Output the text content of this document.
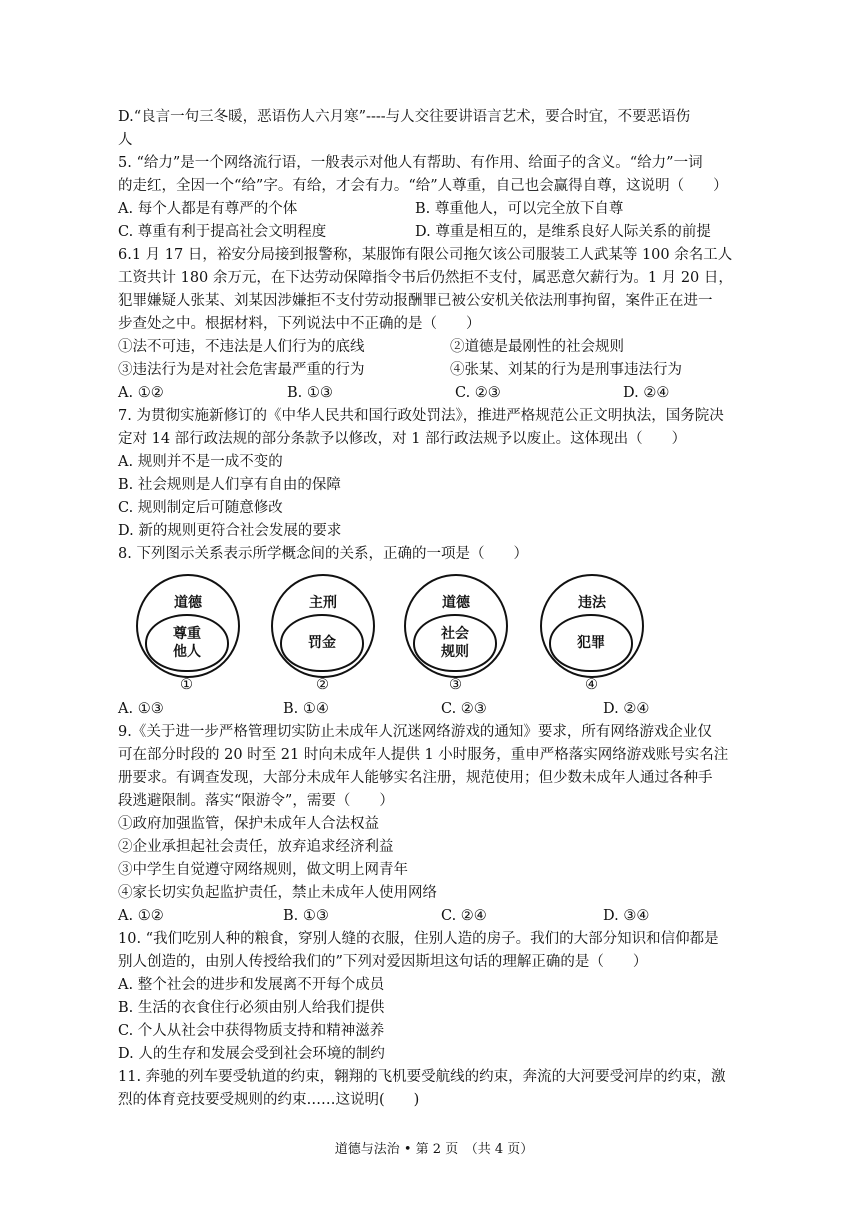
D.“良言一句三冬暖，恶语伤人六月寒”----与人交往要讲语言艺术，要合时宜，不要恶语伤
人
5. “给力”是一个网络流行语，一般表示对他人有帮助、有作用、给面子的含义。“给力”一词
的走红，全因一个“给”字。有给，才会有力。“给”人尊重，自己也会赢得自尊，这说明（　　）
A. 每个人都是有尊严的个体	B. 尊重他人，可以完全放下自尊
C. 尊重有利于提高社会文明程度	D. 尊重是相互的，是维系良好人际关系的前提
6.1 月 17 日，裕安分局接到报警称，某服饰有限公司拖欠该公司服装工人武某等 100 余名工人
工资共计 180 余万元，在下达劳动保障指令书后仍然拒不支付，属恶意欠薪行为。1 月 20 日，
犯罪嫌疑人张某、刘某因涉嫌拒不支付劳动报酬罪已被公安机关依法刑事拘留，案件正在进一
步查处之中。根据材料，下列说法中不正确的是（　　）
①法不可违，不违法是人们行为的底线	②道德是最刚性的社会规则
③违法行为是对社会危害最严重的行为	④张某、刘某的行为是刑事违法行为
A. ①②	B. ①③	C. ②③	D. ②④
7. 为贯彻实施新修订的《中华人民共和国行政处罚法》，推进严格规范公正文明执法，国务院决
定对 14 部行政法规的部分条款予以修改，对 1 部行政法规予以废止。这体现出（　　）
A. 规则并不是一成不变的
B. 社会规则是人们享有自由的保障
C. 规则制定后可随意修改
D. 新的规则更符合社会发展的要求
8. 下列图示关系表示所学概念间的关系，正确的一项是（　　）
道德
尊重
他人
主刑
罚金
道德
社会
规则
违法
犯罪
①	②	③	④
A. ①③	B. ①④	C. ②③	D. ②④
9.《关于进一步严格管理切实防止未成年人沉迷网络游戏的通知》要求，所有网络游戏企业仅
可在部分时段的 20 时至 21 时向未成年人提供 1 小时服务，重申严格落实网络游戏账号实名注
册要求。有调查发现，大部分未成年人能够实名注册，规范使用；但少数未成年人通过各种手
段逃避限制。落实“限游令”，需要（　　）
①政府加强监管，保护未成年人合法权益
②企业承担起社会责任，放弃追求经济利益
③中学生自觉遵守网络规则，做文明上网青年
④家长切实负起监护责任，禁止未成年人使用网络
A. ①②	B. ①③	C. ②④	D. ③④
10. “我们吃别人种的粮食，穿别人缝的衣服，住别人造的房子。我们的大部分知识和信仰都是
别人创造的，由别人传授给我们的”下列对爱因斯坦这句话的理解正确的是（　　）
A. 整个社会的进步和发展离不开每个成员
B. 生活的衣食住行必须由别人给我们提供
C. 个人从社会中获得物质支持和精神滋养
D. 人的生存和发展会受到社会环境的制约
11. 奔驰的列车要受轨道的约束，翱翔的飞机要受航线的约束，奔流的大河要受河岸的约束，激
烈的体育竞技要受规则的约束……这说明(　　)
道德与法治 • 第 2 页　（共 4 页）
